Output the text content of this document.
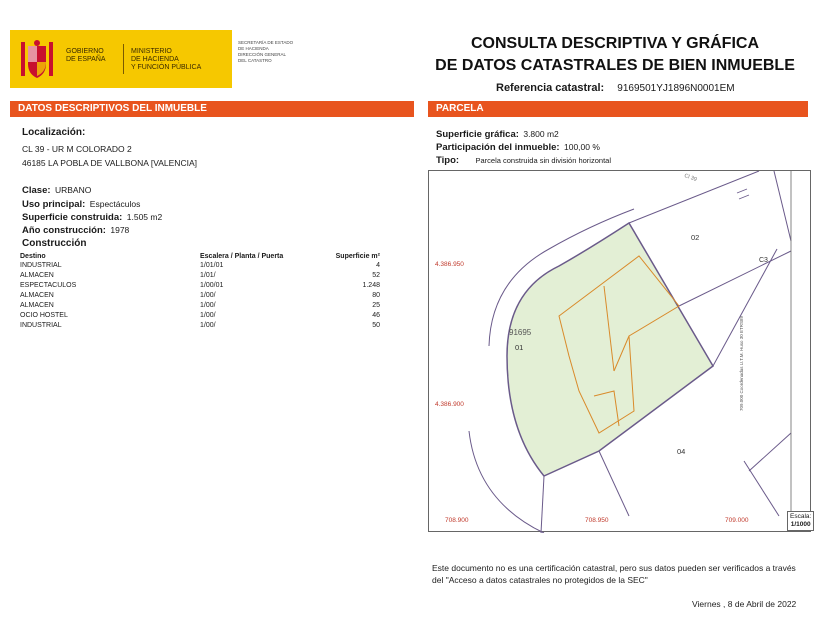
GOBIERNO
DE ESPAÑA
MINISTERIO
DE HACIENDA
Y FUNCIÓN PÚBLICA
SECRETARÍA DE ESTADO
DE HACIENDA
DIRECCIÓN GENERAL
DEL CATASTRO
CONSULTA DESCRIPTIVA Y GRÁFICA
DE DATOS CATASTRALES DE BIEN INMUEBLE
Referencia catastral: 9169501YJ1896N0001EM
DATOS DESCRIPTIVOS DEL INMUEBLE
Localización:
CL 39 - UR M COLORADO 2
46185 LA POBLA DE VALLBONA [VALENCIA]
Clase: URBANO
Uso principal: Espectáculos
Superficie construida: 1.505 m2
Año construcción: 1978
Construcción
Destino	Escalera / Planta / Puerta	Superficie m²
INDUSTRIAL	1/01/01	4
ALMACEN	1/01/	52
ESPECTACULOS	1/00/01	1.248
ALMACEN	1/00/	80
ALMACEN	1/00/	25
OCIO HOSTEL	1/00/	46
INDUSTRIAL	1/00/	50
PARCELA
Superficie gráfica: 3.800 m2
Participación del inmueble: 100,00 %
Tipo: Parcela construida sin división horizontal
4.386.950
4.386.900
708.900	708.950	709.000
91695
01
02
04
C3
Cl 39
709.000 Coordenadas U.T.M. Huso 30 ETRS89
Escala:
1/1000
Este documento no es una certificación catastral, pero sus datos pueden ser verificados a través del "Acceso a datos catastrales no protegidos de la SEC"
Viernes , 8 de Abril de 2022
